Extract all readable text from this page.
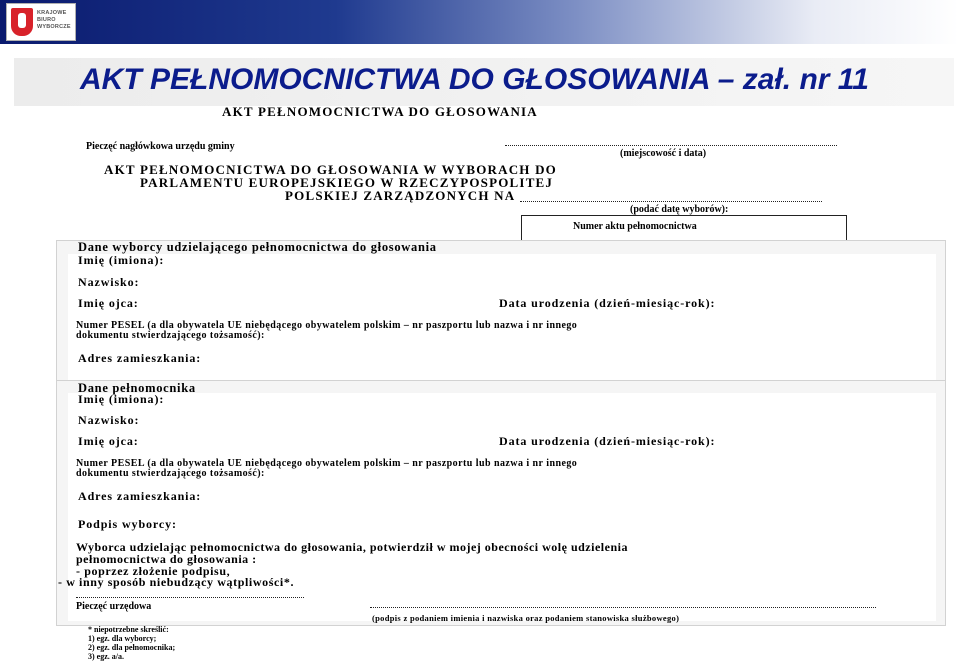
KRAJOWE
BIURO
WYBORCZE
AKT PEŁNOMOCNICTWA DO GŁOSOWANIA – zał. nr 11
AKT PEŁNOMOCNICTWA DO GŁOSOWANIA
Pieczęć nagłówkowa urzędu gminy
(miejscowość i data)
AKT PEŁNOMOCNICTWA DO GŁOSOWANIA W WYBORACH DO
PARLAMENTU EUROPEJSKIEGO W RZECZYPOSPOLITEJ
POLSKIEJ ZARZĄDZONYCH NA
(podać datę wyborów):
Numer aktu pełnomocnictwa
Dane wyborcy udzielającego pełnomocnictwa do głosowania
Imię (imiona):
Nazwisko:
Imię ojca:	Data urodzenia (dzień-miesiąc-rok):
Numer PESEL (a dla obywatela UE niebędącego obywatelem polskim – nr paszportu lub nazwa i nr innego
dokumentu stwierdzającego tożsamość):
Adres zamieszkania:
Dane pełnomocnika
Imię (imiona):
Nazwisko:
Imię ojca:	Data urodzenia (dzień-miesiąc-rok):
Numer PESEL (a dla obywatela UE niebędącego obywatelem polskim – nr paszportu lub nazwa i nr innego
dokumentu stwierdzającego tożsamość):
Adres zamieszkania:
Podpis wyborcy:
Wyborca udzielając pełnomocnictwa do głosowania, potwierdził w mojej obecności wolę udzielenia
pełnomocnictwa do głosowania :
- poprzez złożenie podpisu,
- w inny sposób niebudzący wątpliwości*.
Pieczęć urzędowa
(podpis z podaniem imienia i nazwiska oraz podaniem stanowiska służbowego)
* niepotrzebne skreślić:
1) egz. dla wyborcy;
2) egz. dla pełnomocnika;
3) egz. a/a.
